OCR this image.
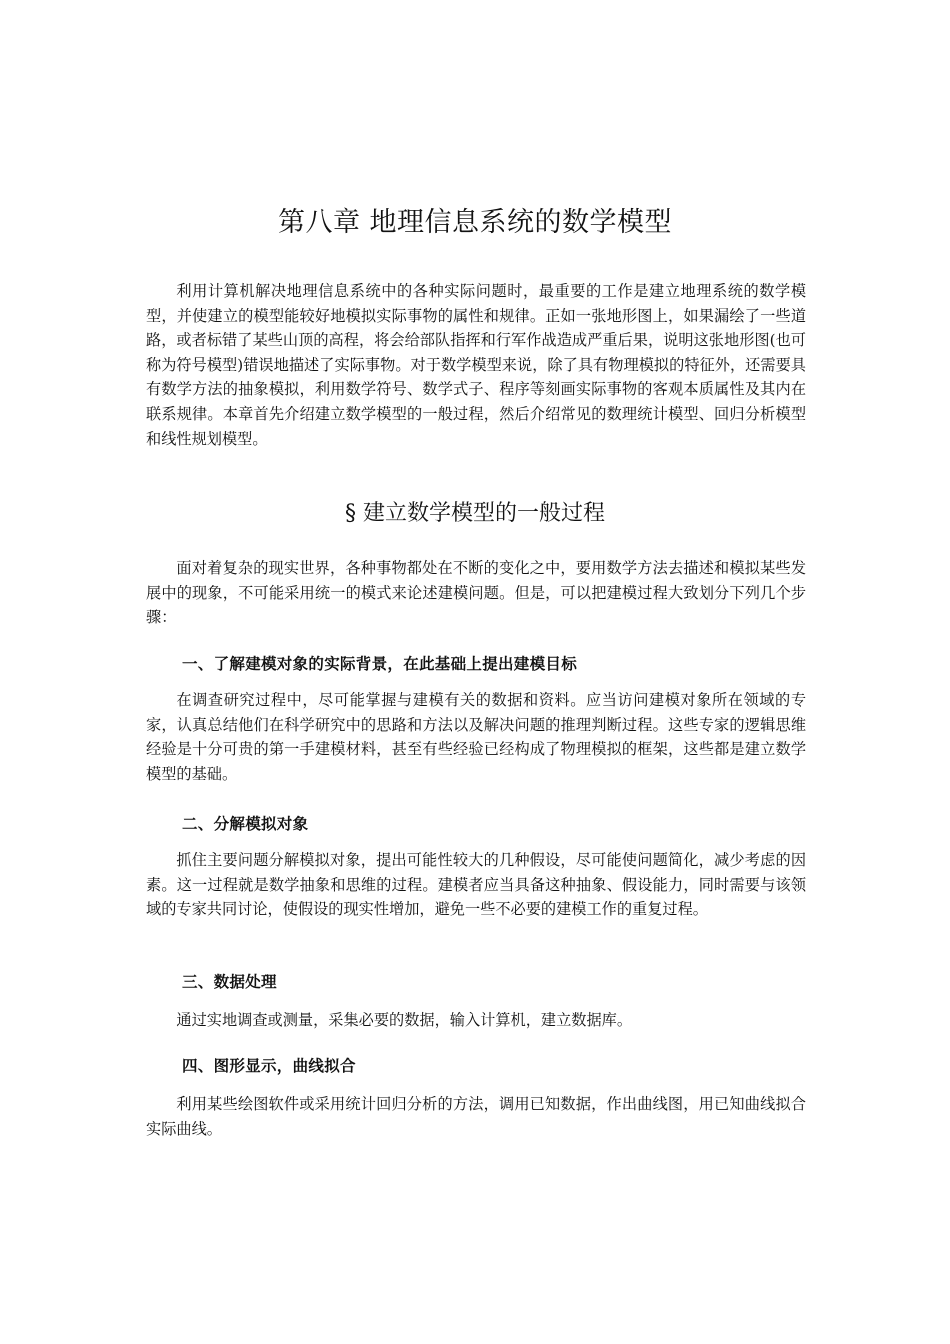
第八章 地理信息系统的数学模型

利用计算机解决地理信息系统中的各种实际问题时，最重要的工作是建立地理系统的数学模型，并使建立的模型能较好地模拟实际事物的属性和规律。正如一张地形图上，如果漏绘了一些道路，或者标错了某些山顶的高程，将会给部队指挥和行军作战造成严重后果，说明这张地形图(也可称为符号模型)错误地描述了实际事物。对于数学模型来说，除了具有物理模拟的特征外，还需要具有数学方法的抽象模拟，利用数学符号、数学式子、程序等刻画实际事物的客观本质属性及其内在联系规律。本章首先介绍建立数学模型的一般过程，然后介绍常见的数理统计模型、回归分析模型和线性规划模型。

§ 建立数学模型的一般过程

面对着复杂的现实世界，各种事物都处在不断的变化之中，要用数学方法去描述和模拟某些发展中的现象，不可能采用统一的模式来论述建模问题。但是，可以把建模过程大致划分下列几个步骤：

一、了解建模对象的实际背景，在此基础上提出建模目标

在调查研究过程中，尽可能掌握与建模有关的数据和资料。应当访问建模对象所在领域的专家，认真总结他们在科学研究中的思路和方法以及解决问题的推理判断过程。这些专家的逻辑思维经验是十分可贵的第一手建模材料，甚至有些经验已经构成了物理模拟的框架，这些都是建立数学模型的基础。

二、分解模拟对象

抓住主要问题分解模拟对象，提出可能性较大的几种假设，尽可能使问题简化，减少考虑的因素。这一过程就是数学抽象和思维的过程。建模者应当具备这种抽象、假设能力，同时需要与该领域的专家共同讨论，使假设的现实性增加，避免一些不必要的建模工作的重复过程。

三、数据处理

通过实地调查或测量，采集必要的数据，输入计算机，建立数据库。

四、图形显示，曲线拟合

利用某些绘图软件或采用统计回归分析的方法，调用已知数据，作出曲线图，用已知曲线拟合实际曲线。
